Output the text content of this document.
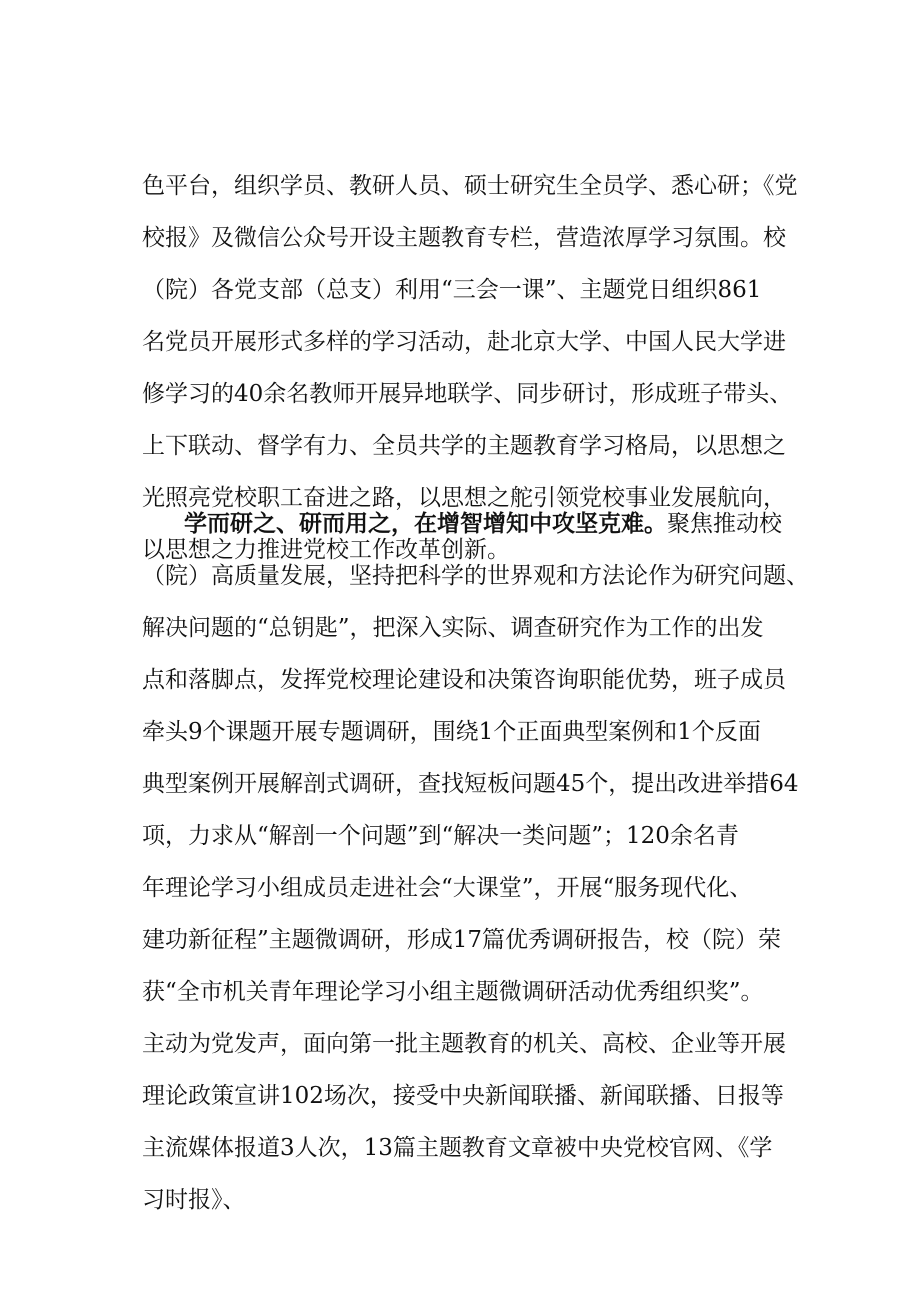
色平台，组织学员、教研人员、硕士研究生全员学、悉心研；《党
校报》及微信公众号开设主题教育专栏，营造浓厚学习氛围。校
（院）各党支部（总支）利用“三会一课”、主题党日组织861
名党员开展形式多样的学习活动，赴北京大学、中国人民大学进
修学习的40余名教师开展异地联学、同步研讨，形成班子带头、
上下联动、督学有力、全员共学的主题教育学习格局，以思想之
光照亮党校职工奋进之路，以思想之舵引领党校事业发展航向，
以思想之力推进党校工作改革创新。
学而研之、研而用之，在增智增知中攻坚克难。聚焦推动校
（院）高质量发展，坚持把科学的世界观和方法论作为研究问题、
解决问题的“总钥匙”，把深入实际、调查研究作为工作的出发
点和落脚点，发挥党校理论建设和决策咨询职能优势，班子成员
牵头9个课题开展专题调研，围绕1个正面典型案例和1个反面
典型案例开展解剖式调研，查找短板问题45个，提出改进举措64
项，力求从“解剖一个问题”到“解决一类问题”；120余名青
年理论学习小组成员走进社会“大课堂”，开展“服务现代化、
建功新征程”主题微调研，形成17篇优秀调研报告，校（院）荣
获“全市机关青年理论学习小组主题微调研活动优秀组织奖”。
主动为党发声，面向第一批主题教育的机关、高校、企业等开展
理论政策宣讲102场次，接受中央新闻联播、新闻联播、日报等
主流媒体报道3人次，13篇主题教育文章被中央党校官网、《学
习时报》、
